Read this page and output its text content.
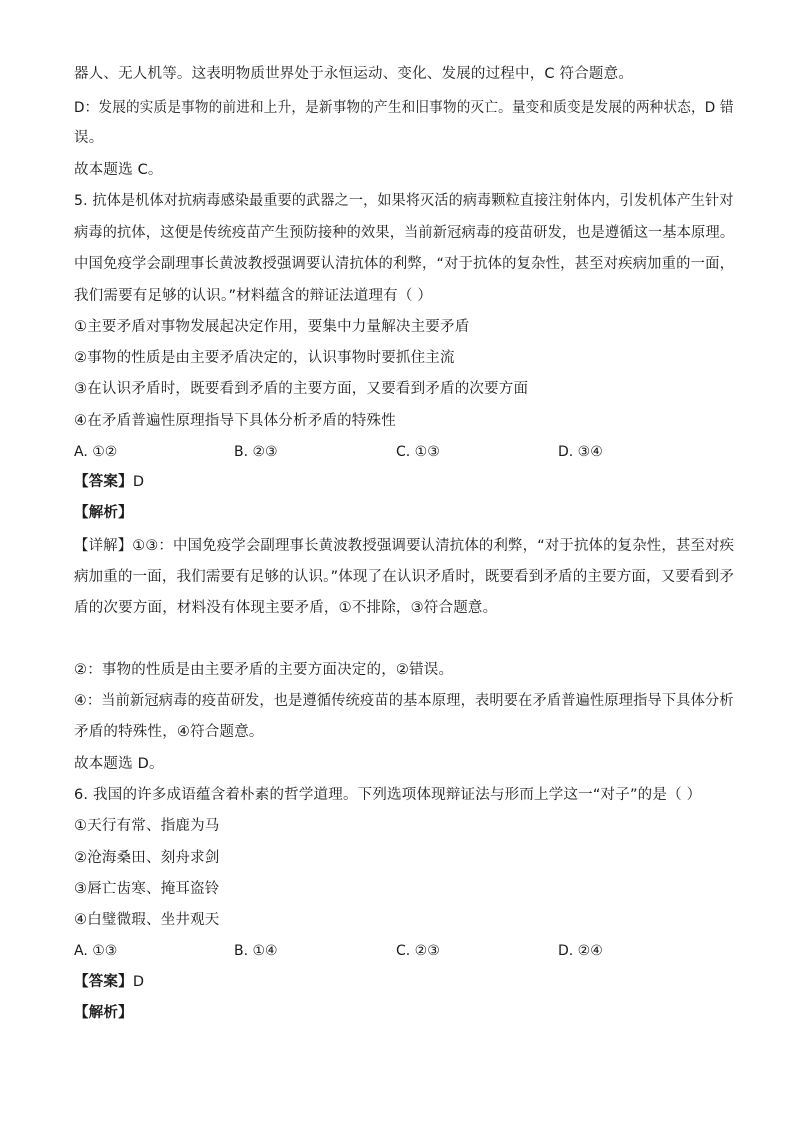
器人、无人机等。这表明物质世界处于永恒运动、变化、发展的过程中，C 符合题意。
D：发展的实质是事物的前进和上升，是新事物的产生和旧事物的灭亡。量变和质变是发展的两种状态，D 错
误。
故本题选 C。
5. 抗体是机体对抗病毒感染最重要的武器之一，如果将灭活的病毒颗粒直接注射体内，引发机体产生针对
病毒的抗体，这便是传统疫苗产生预防接种的效果，当前新冠病毒的疫苗研发，也是遵循这一基本原理。
中国免疫学会副理事长黄波教授强调要认清抗体的利弊，“对于抗体的复杂性，甚至对疾病加重的一面，
我们需要有足够的认识。”材料蕴含的辩证法道理有（ ）
①主要矛盾对事物发展起决定作用，要集中力量解决主要矛盾
②事物的性质是由主要矛盾决定的，认识事物时要抓住主流
③在认识矛盾时，既要看到矛盾的主要方面，又要看到矛盾的次要方面
④在矛盾普遍性原理指导下具体分析矛盾的特殊性
A. ①②	B. ②③	C. ①③	D. ③④
【答案】D
【解析】
【详解】①③：中国免疫学会副理事长黄波教授强调要认清抗体的利弊，“对于抗体的复杂性，甚至对疾
病加重的一面，我们需要有足够的认识。”体现了在认识矛盾时，既要看到矛盾的主要方面，又要看到矛
盾的次要方面，材料没有体现主要矛盾，①不排除，③符合题意。
②：事物的性质是由主要矛盾的主要方面决定的，②错误。
④：当前新冠病毒的疫苗研发，也是遵循传统疫苗的基本原理，表明要在矛盾普遍性原理指导下具体分析
矛盾的特殊性，④符合题意。
故本题选 D。
6. 我国的许多成语蕴含着朴素的哲学道理。下列选项体现辩证法与形而上学这一“对子”的是（ ）
①天行有常、指鹿为马
②沧海桑田、刻舟求剑
③唇亡齿寒、掩耳盗铃
④白璧微瑕、坐井观天
A. ①③	B. ①④	C. ②③	D. ②④
【答案】D
【解析】
